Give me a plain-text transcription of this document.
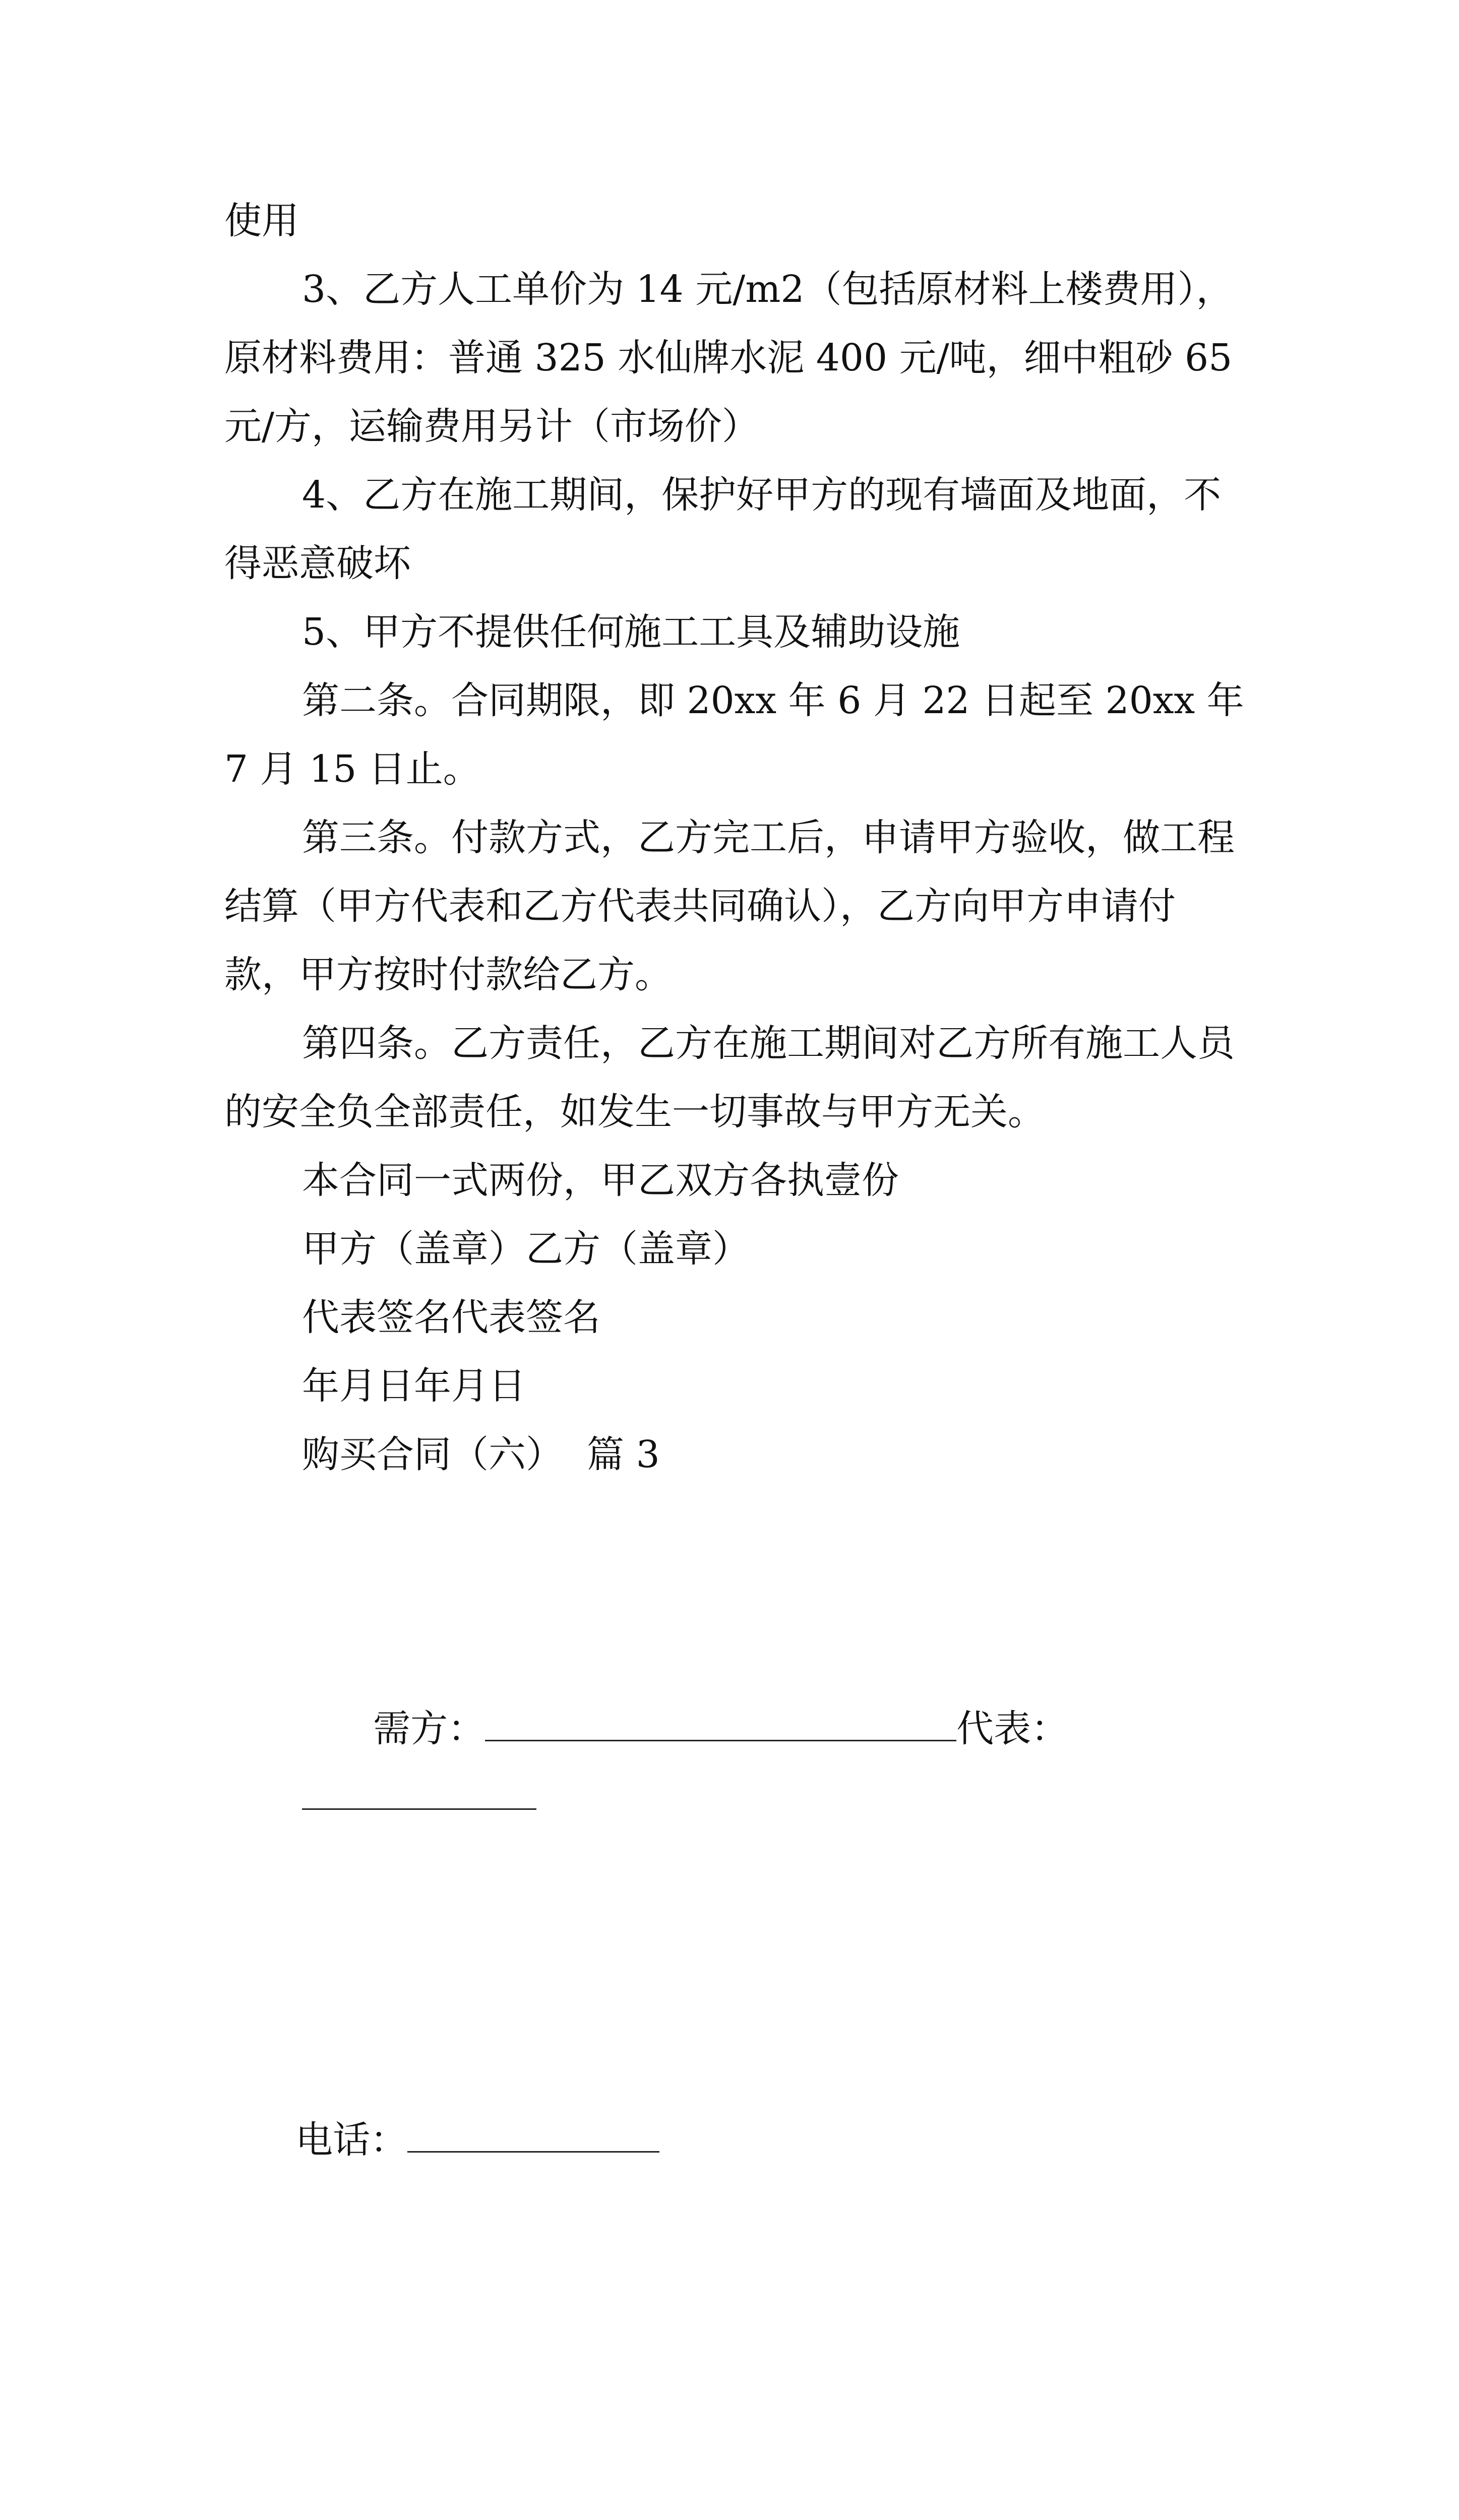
使用

3、乙方人工单价为 14 元/m2（包括原材料上楼费用），原材料费用：普通 325 水仙牌水泥 400 元/吨，细中粗砂 65 元/方，运输费用另计（市场价）

4、乙方在施工期间，保护好甲方的现有墙面及地面，不得恶意破坏

5、甲方不提供任何施工工具及辅助设施

第二条。合同期限，即 20xx 年 6 月 22 日起至 20xx 年 7 月 15 日止。

第三条。付款方式，乙方完工后，申请甲方验收，做工程结算（甲方代表和乙方代表共同确认），乙方向甲方申请付款，甲方按时付款给乙方。

第四条。乙方责任，乙方在施工期间对乙方所有施工人员的安全负全部责任，如发生一切事故与甲方无关。

本合同一式两份，甲乙双方各执壹份

甲方（盖章）乙方（盖章）

代表签名代表签名

年月日年月日

购买合同（六）  篇 3

需方：	代表：

电话：
